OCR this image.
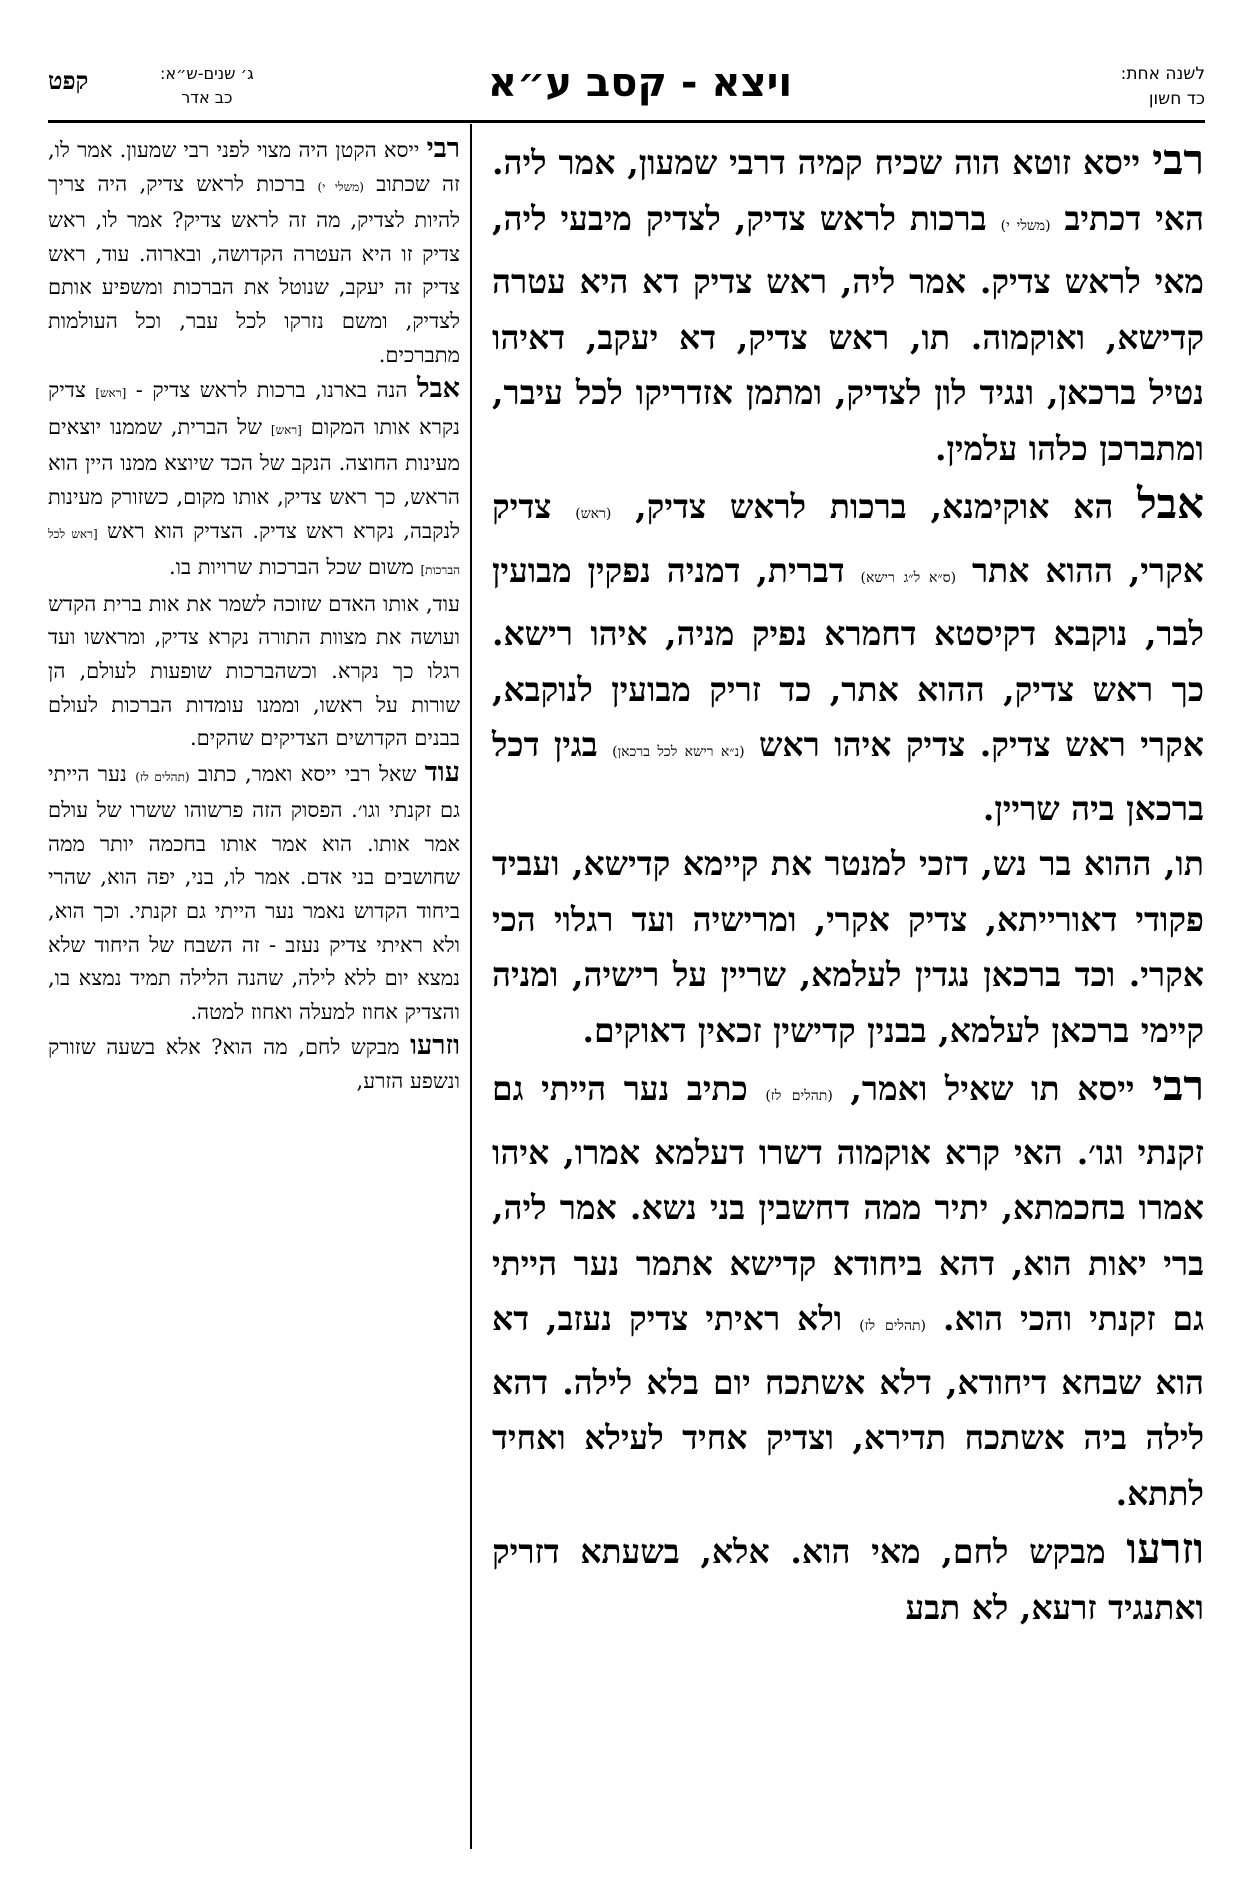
קפט	ג׳ שנים-ש״א:
כב אדר	ויצא - קסב ע״א	לשנה אחת:
כד חשון

רבי ייסא זוטא הוה שכיח קמיה דרבי שמעון, אמר ליה. האי דכתיב (משלי י) ברכות לראש צדיק, לצדיק מיבעי ליה, מאי לראש צדיק. אמר ליה, ראש צדיק דא היא עטרה קדישא, ואוקמוה. תו, ראש צדיק, דא יעקב, דאיהו נטיל ברכאן, ונגיד לון לצדיק, ומתמן אזדריקו לכל עיבר, ומתברכן כלהו עלמין.

אבל הא אוקימנא, ברכות לראש צדיק, (ראש) צדיק אקרי, ההוא אתר (ס״א ל״ג רישא) דברית, דמניה נפקין מבועין לבר, נוקבא דקיסטא דחמרא נפיק מניה, איהו רישא. כך ראש צדיק, ההוא אתר, כד זריק מבועין לנוקבא, אקרי ראש צדיק. צדיק איהו ראש (נ״א רישא לכל ברכאן) בגין דכל ברכאן ביה שריין.

תו, ההוא בר נש, דזכי למנטר את קיימא קדישא, ועביד פקודי דאורייתא, צדיק אקרי, ומרישיה ועד רגלוי הכי אקרי. וכד ברכאן נגדין לעלמא, שריין על רישיה, ומניה קיימי ברכאן לעלמא, בבנין קדישין זכאין דאוקים.

רבי ייסא תו שאיל ואמר, (תהלים לז) כתיב נער הייתי גם זקנתי וגו׳. האי קרא אוקמוה דשרו דעלמא אמרו, איהו אמרו בחכמתא, יתיר ממה דחשבין בני נשא. אמר ליה, ברי יאות הוא, דהא ביחודא קדישא אתמר נער הייתי גם זקנתי והכי הוא. (תהלים לז) ולא ראיתי צדיק נעזב, דא הוא שבחא דיחודא, דלא אשתכח יום בלא לילה. דהא לילה ביה אשתכח תדירא, וצדיק אחיד לעילא ואחיד לתתא.

וזרעו מבקש לחם, מאי הוא. אלא, בשעתא דזריק ואתנגיד זרעא, לא תבע

רבי ייסא הקטן היה מצוי לפני רבי שמעון. אמר לו, זה שכתוב (משלי י) ברכות לראש צדיק, היה צריך להיות לצדיק, מה זה לראש צדיק? אמר לו, ראש צדיק זו היא העטרה הקדושה, ובארוה. עוד, ראש צדיק זה יעקב, שנוטל את הברכות ומשפיע אותם לצדיק, ומשם נזרקו לכל עבר, וכל העולמות מתברכים.

אבל הנה בארנו, ברכות לראש צדיק - [ראש] צדיק נקרא אותו המקום [ראש] של הברית, שממנו יוצאים מעינות החוצה. הנקב של הכד שיוצא ממנו היין הוא הראש, כך ראש צדיק, אותו מקום, כשזורק מעינות לנקבה, נקרא ראש צדיק. הצדיק הוא ראש [ראש לכל הברכות] משום שכל הברכות שרויות בו.

עוד, אותו האדם שזוכה לשמר את אות ברית הקדש ועושה את מצוות התורה נקרא צדיק, ומראשו ועד רגלו כך נקרא. וכשהברכות שופעות לעולם, הן שורות על ראשו, וממנו עומדות הברכות לעולם בבנים הקדושים הצדיקים שהקים.

עוד שאל רבי ייסא ואמר, כתוב (תהלים לז) נער הייתי גם זקנתי וגו׳. הפסוק הזה פרשוהו ששרו של עולם אמר אותו. הוא אמר אותו בחכמה יותר ממה שחושבים בני אדם. אמר לו, בני, יפה הוא, שהרי ביחוד הקדוש נאמר נער הייתי גם זקנתי. וכך הוא, ולא ראיתי צדיק נעזב - זה השבח של היחוד שלא נמצא יום ללא לילה, שהנה הלילה תמיד נמצא בו, והצדיק אחוז למעלה ואחוז למטה.

וזרעו מבקש לחם, מה הוא? אלא בשעה שזורק ונשפע הזרע,
